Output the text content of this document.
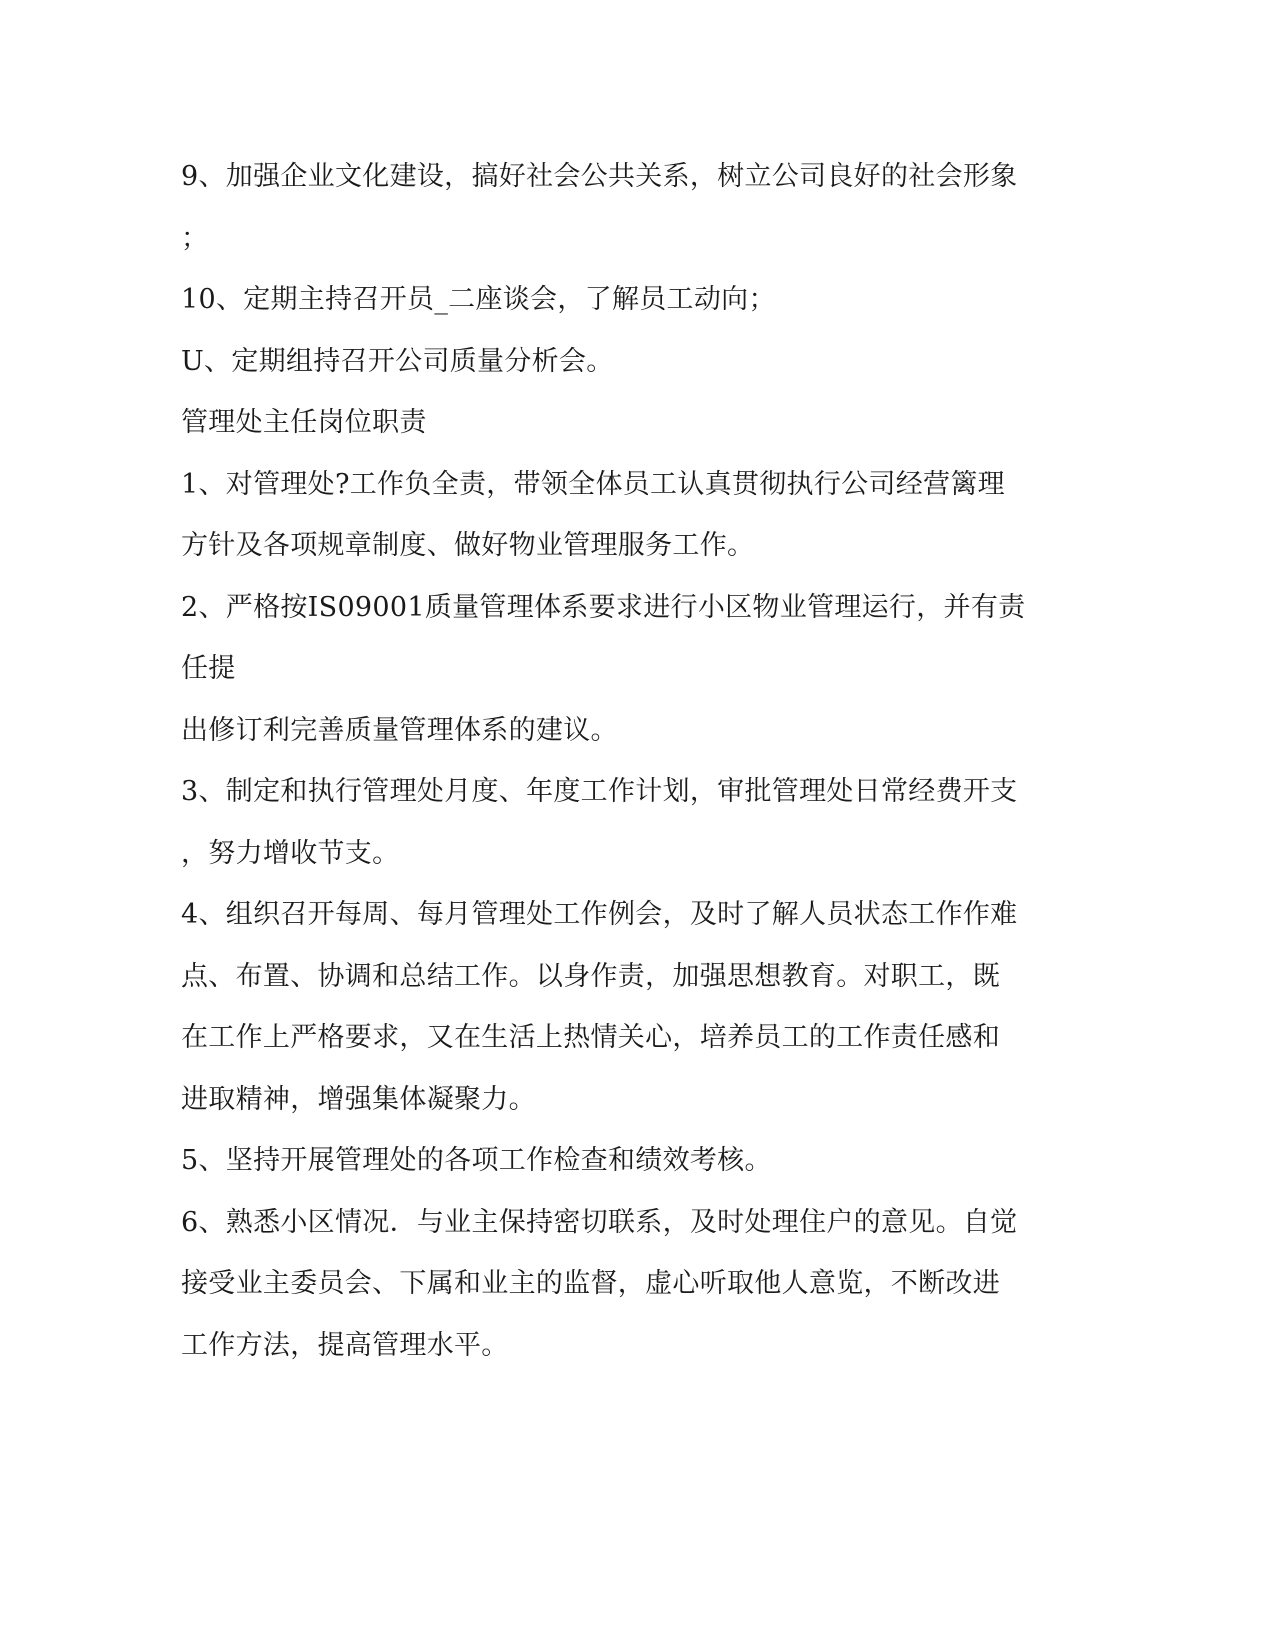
9、加强企业文化建设，搞好社会公共关系，树立公司良好的社会形象

；

10、定期主持召开员_二座谈会，了解员工动向；

U、定期组持召开公司质量分析会。

管理处主任岗位职责

1、对管理处?工作负全责，带领全体员工认真贯彻执行公司经营篱理

方针及各项规章制度、做好物业管理服务工作。

2、严格按IS09001质量管理体系要求进行小区物业管理运行，并有责

任提

出修订利完善质量管理体系的建议。

3、制定和执行管理处月度、年度工作计划，审批管理处日常经费开支

，努力增收节支。

4、组织召开每周、每月管理处工作例会，及时了解人员状态工作作难

点、布置、协调和总结工作。以身作责，加强思想教育。对职工，既

在工作上严格要求，又在生活上热情关心，培养员工的工作责任感和

进取精神，增强集体凝聚力。

5、坚持开展管理处的各项工作检查和绩效考核。

6、熟悉小区情况．与业主保持密切联系，及时处理住户的意见。自觉

接受业主委员会、下属和业主的监督，虚心听取他人意览，不断改进

工作方法，提高管理水平。
